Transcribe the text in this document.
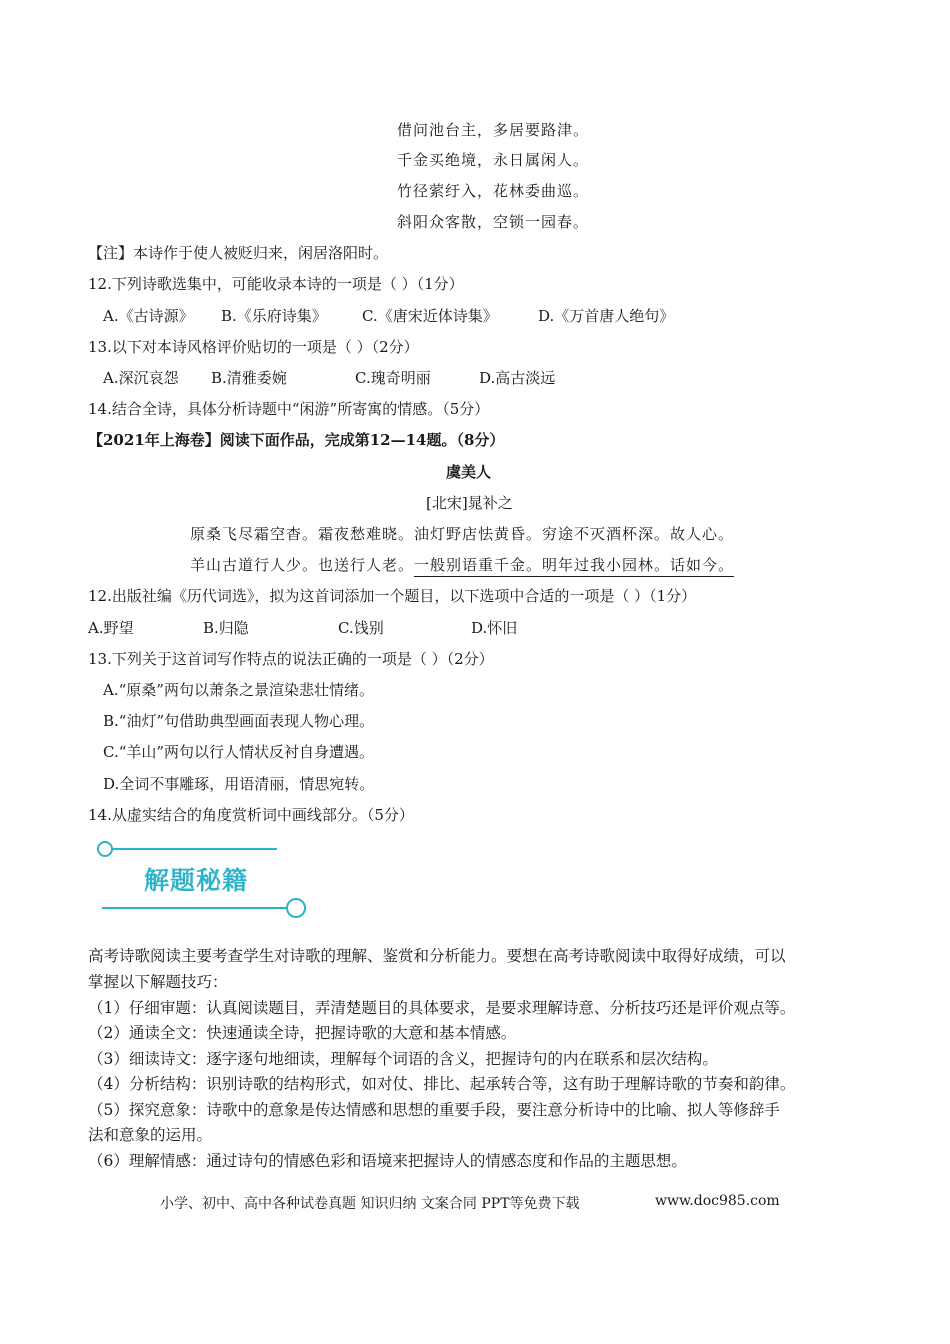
借问池台主，多居要路津。
千金买绝境，永日属闲人。
竹径萦纡入，花林委曲巡。
斜阳众客散，空锁一园春。
【注】本诗作于使人被贬归来，闲居洛阳时。
12.下列诗歌选集中，可能收录本诗的一项是（ ）（1分）
A.《古诗源》 B.《乐府诗集》 C.《唐宋近体诗集》	D.《万首唐人绝句》
13.以下对本诗风格评价贴切的一项是（ ）（2分）
A.深沉哀怨 B.清雅委婉	C.瑰奇明丽	D.高古淡远
14.结合全诗，具体分析诗题中“闲游”所寄寓的情感。（5分）
【2021年上海卷】阅读下面作品，完成第12—14题。（8分）
虞美人
[北宋]晁补之
原桑飞尽霜空杳。霜夜愁难晓。油灯野店怯黄昏。穷途不灭酒杯深。故人心。
羊山古道行人少。也送行人老。一般别语重千金。明年过我小园林。话如今。
12.出版社编《历代词选》，拟为这首词添加一个题目，以下选项中合适的一项是（ ）（1分）
A.野望	B.归隐	C.饯别	D.怀旧
13.下列关于这首词写作特点的说法正确的一项是（ ）（2分）
A.“原桑”两句以萧条之景渲染悲壮情绪。
B.“油灯”句借助典型画面表现人物心理。
C.“羊山”两句以行人情状反衬自身遭遇。
D.全词不事雕琢，用语清丽，情思宛转。
14.从虚实结合的角度赏析词中画线部分。（5分）
解题秘籍
高考诗歌阅读主要考查学生对诗歌的理解、鉴赏和分析能力。要想在高考诗歌阅读中取得好成绩，可以
掌握以下解题技巧：
（1）仔细审题：认真阅读题目，弄清楚题目的具体要求，是要求理解诗意、分析技巧还是评价观点等。
（2）通读全文：快速通读全诗，把握诗歌的大意和基本情感。
（3）细读诗文：逐字逐句地细读，理解每个词语的含义，把握诗句的内在联系和层次结构。
（4）分析结构：识别诗歌的结构形式，如对仗、排比、起承转合等，这有助于理解诗歌的节奏和韵律。
（5）探究意象：诗歌中的意象是传达情感和思想的重要手段，要注意分析诗中的比喻、拟人等修辞手
法和意象的运用。
（6）理解情感：通过诗句的情感色彩和语境来把握诗人的情感态度和作品的主题思想。
小学、初中、高中各种试卷真题 知识归纳 文案合同 PPT等免费下载	www.doc985.com
